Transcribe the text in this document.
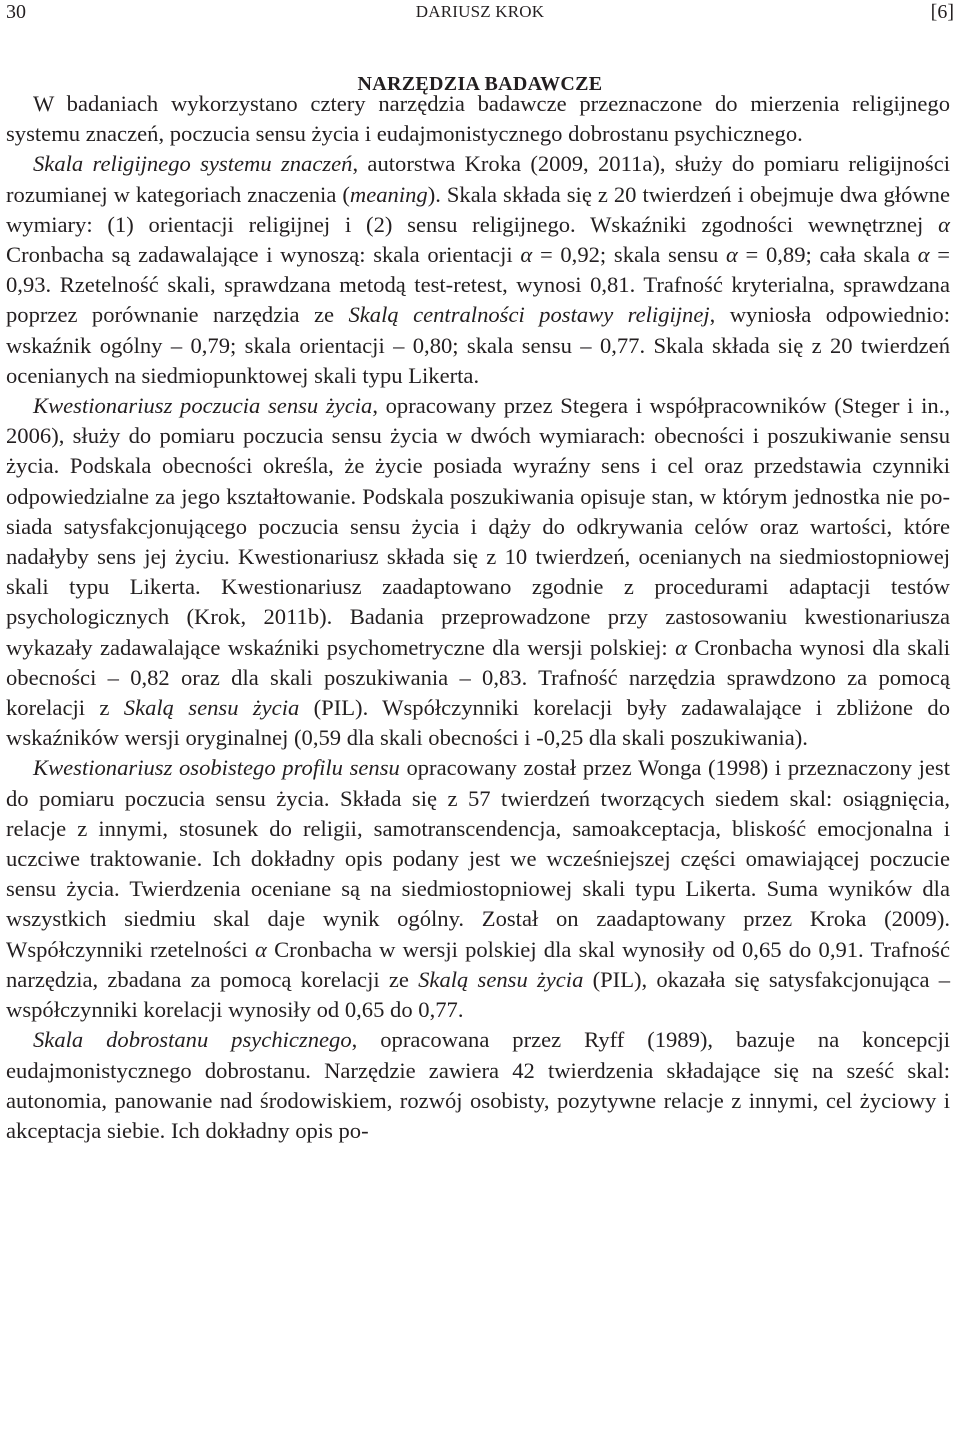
30	DARIUSZ KROK	[6]
NARZĘDZIA BADAWCZE

W badaniach wykorzystano cztery narzędzia badawcze przeznaczone do mierzenia religijnego systemu znaczeń, poczucia sensu życia i eudajmonistycznego dobrostanu psychicznego.

Skala religijnego systemu znaczeń, autorstwa Kroka (2009, 2011a), służy do pomiaru religijności rozumianej w kategoriach znaczenia (meaning). Skala składa się z 20 twierdzeń i obejmuje dwa główne wymiary: (1) orientacji religijnej i (2) sensu religijnego. Wskaźniki zgodności wewnętrznej α Cronbacha są zadawalające i wynoszą: skala orientacji α = 0,92; skala sensu α = 0,89; cała skala α = 0,93. Rzetelność skali, sprawdzana metodą test-retest, wynosi 0,81. Trafność kryterialna, sprawdzana poprzez porównanie narzędzia ze Skalą centralności postawy religijnej, wyniosła odpowiednio: wskaźnik ogólny – 0,79; skala orientacji – 0,80; skala sensu – 0,77. Skala składa się z 20 twierdzeń ocenianych na siedmiopunktowej skali typu Likerta.

Kwestionariusz poczucia sensu życia, opracowany przez Stegera i współpracowników (Steger i in., 2006), służy do pomiaru poczucia sensu życia w dwóch wymiarach: obecności i poszukiwanie sensu życia. Podskala obecności określa, że życie posiada wyraźny sens i cel oraz przedstawia czynniki odpowiedzialne za jego kształtowanie. Podskala poszukiwania opisuje stan, w którym jednostka nie posiada satysfakcjonującego poczucia sensu życia i dąży do odkrywania celów oraz wartości, które nadałyby sens jej życiu. Kwestionariusz składa się z 10 twierdzeń, ocenianych na siedmiostopniowej skali typu Likerta. Kwestionariusz zaadaptowano zgodnie z procedurami adaptacji testów psychologicznych (Krok, 2011b). Badania przeprowadzone przy zastosowaniu kwestionariusza wykazały zadawalające wskaźniki psychometryczne dla wersji polskiej: α Cronbacha wynosi dla skali obecności – 0,82 oraz dla skali poszukiwania – 0,83. Trafność narzędzia sprawdzono za pomocą korelacji z Skalą sensu życia (PIL). Współczynniki korelacji były zadawalające i zbliżone do wskaźników wersji oryginalnej (0,59 dla skali obecności i -0,25 dla skali poszukiwania).

Kwestionariusz osobistego profilu sensu opracowany został przez Wonga (1998) i przeznaczony jest do pomiaru poczucia sensu życia. Składa się z 57 twierdzeń tworzących siedem skal: osiągnięcia, relacje z innymi, stosunek do religii, samotranscendencja, samoakceptacja, bliskość emocjonalna i uczciwe traktowanie. Ich dokładny opis podany jest we wcześniejszej części omawiającej poczucie sensu życia. Twierdzenia oceniane są na siedmiostopniowej skali typu Likerta. Suma wyników dla wszystkich siedmiu skal daje wynik ogólny. Został on zaadaptowany przez Kroka (2009). Współczynniki rzetelności α Cronbacha w wersji polskiej dla skal wynosiły od 0,65 do 0,91. Trafność narzędzia, zbadana za pomocą korelacji ze Skalą sensu życia (PIL), okazała się satysfakcjonująca – współczynniki korelacji wynosiły od 0,65 do 0,77.

Skala dobrostanu psychicznego, opracowana przez Ryff (1989), bazuje na koncepcji eudajmonistycznego dobrostanu. Narzędzie zawiera 42 twierdzenia składające się na sześć skal: autonomia, panowanie nad środowiskiem, rozwój osobisty, pozytywne relacje z innymi, cel życiowy i akceptacja siebie. Ich dokładny opis po-
